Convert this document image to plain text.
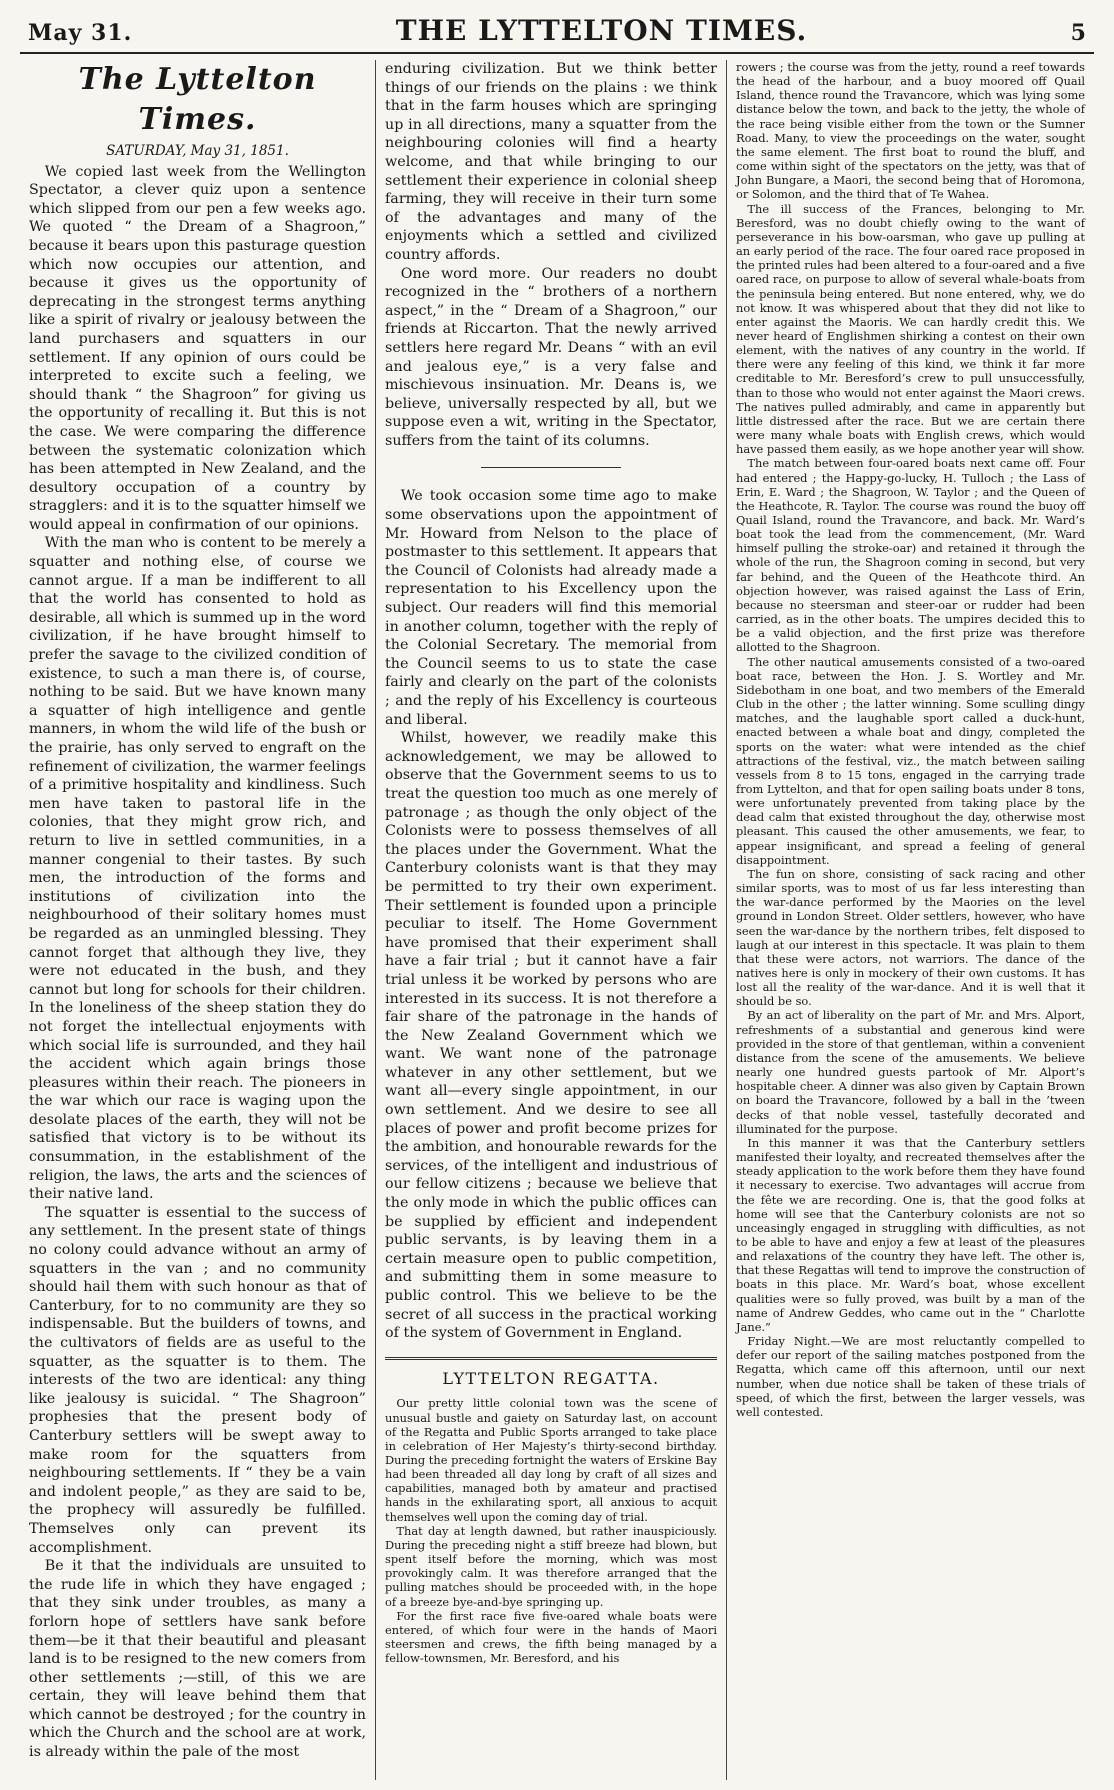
May 31.	THE LYTTELTON TIMES.	5
The Lyttelton Times.
SATURDAY, May 31, 1851.

We copied last week from the Wellington Spectator, a clever quiz upon a sentence which slipped from our pen a few weeks ago. We quoted “ the Dream of a Shagroon,” because it bears upon this pasturage question which now occupies our attention, and because it gives us the opportunity of deprecating in the strongest terms anything like a spirit of rivalry or jealousy between the land purchasers and squatters in our settlement. If any opinion of ours could be interpreted to excite such a feeling, we should thank “ the Shagroon” for giving us the opportunity of recalling it. But this is not the case. We were comparing the difference between the systematic colonization which has been attempted in New Zealand, and the desultory occupation of a country by stragglers: and it is to the squatter himself we would appeal in confirmation of our opinions.

With the man who is content to be merely a squatter and nothing else, of course we cannot argue. If a man be indifferent to all that the world has consented to hold as desirable, all which is summed up in the word civilization, if he have brought himself to prefer the savage to the civilized condition of existence, to such a man there is, of course, nothing to be said. But we have known many a squatter of high intelligence and gentle manners, in whom the wild life of the bush or the prairie, has only served to engraft on the refinement of civilization, the warmer feelings of a primitive hospitality and kindliness. Such men have taken to pastoral life in the colonies, that they might grow rich, and return to live in settled communities, in a manner congenial to their tastes. By such men, the introduction of the forms and institutions of civilization into the neighbourhood of their solitary homes must be regarded as an unmingled blessing. They cannot forget that although they live, they were not educated in the bush, and they cannot but long for schools for their children. In the loneliness of the sheep station they do not forget the intellectual enjoyments with which social life is surrounded, and they hail the accident which again brings those pleasures within their reach. The pioneers in the war which our race is waging upon the desolate places of the earth, they will not be satisfied that victory is to be without its consummation, in the establishment of the religion, the laws, the arts and the sciences of their native land.

The squatter is essential to the success of any settlement. In the present state of things no colony could advance without an army of squatters in the van ; and no community should hail them with such honour as that of Canterbury, for to no community are they so indispensable. But the builders of towns, and the cultivators of fields are as useful to the squatter, as the squatter is to them. The interests of the two are identical: any thing like jealousy is suicidal. “ The Shagroon” prophesies that the present body of Canterbury settlers will be swept away to make room for the squatters from neighbouring settlements. If “ they be a vain and indolent people,” as they are said to be, the prophecy will assuredly be fulfilled. Themselves only can prevent its accomplishment.

Be it that the individuals are unsuited to the rude life in which they have engaged ; that they sink under troubles, as many a forlorn hope of settlers have sank before them—be it that their beautiful and pleasant land is to be resigned to the new comers from other settlements ;—still, of this we are certain, they will leave behind them that which cannot be destroyed ; for the country in which the Church and the school are at work, is already within the pale of the most

enduring civilization. But we think better things of our friends on the plains : we think that in the farm houses which are springing up in all directions, many a squatter from the neighbouring colonies will find a hearty welcome, and that while bringing to our settlement their experience in colonial sheep farming, they will receive in their turn some of the advantages and many of the enjoyments which a settled and civilized country affords.

One word more. Our readers no doubt recognized in the “ brothers of a northern aspect,” in the “ Dream of a Shagroon,” our friends at Riccarton. That the newly arrived settlers here regard Mr. Deans “ with an evil and jealous eye,” is a very false and mischievous insinuation. Mr. Deans is, we believe, universally respected by all, but we suppose even a wit, writing in the Spectator, suffers from the taint of its columns.

We took occasion some time ago to make some observations upon the appointment of Mr. Howard from Nelson to the place of postmaster to this settlement. It appears that the Council of Colonists had already made a representation to his Excellency upon the subject. Our readers will find this memorial in another column, together with the reply of the Colonial Secretary. The memorial from the Council seems to us to state the case fairly and clearly on the part of the colonists ; and the reply of his Excellency is courteous and liberal.

Whilst, however, we readily make this acknowledgement, we may be allowed to observe that the Government seems to us to treat the question too much as one merely of patronage ; as though the only object of the Colonists were to possess themselves of all the places under the Government. What the Canterbury colonists want is that they may be permitted to try their own experiment. Their settlement is founded upon a principle peculiar to itself. The Home Government have promised that their experiment shall have a fair trial ; but it cannot have a fair trial unless it be worked by persons who are interested in its success. It is not therefore a fair share of the patronage in the hands of the New Zealand Government which we want. We want none of the patronage whatever in any other settlement, but we want all—every single appointment, in our own settlement. And we desire to see all places of power and profit become prizes for the ambition, and honourable rewards for the services, of the intelligent and industrious of our fellow citizens ; because we believe that the only mode in which the public offices can be supplied by efficient and independent public servants, is by leaving them in a certain measure open to public competition, and submitting them in some measure to public control. This we believe to be the secret of all success in the practical working of the system of Government in England.

LYTTELTON REGATTA.

Our pretty little colonial town was the scene of unusual bustle and gaiety on Saturday last, on account of the Regatta and Public Sports arranged to take place in celebration of Her Majesty’s thirty-second birthday. During the preceding fortnight the waters of Erskine Bay had been threaded all day long by craft of all sizes and capabilities, managed both by amateur and practised hands in the exhilarating sport, all anxious to acquit themselves well upon the coming day of trial.

That day at length dawned, but rather inauspiciously. During the preceding night a stiff breeze had blown, but spent itself before the morning, which was most provokingly calm. It was therefore arranged that the pulling matches should be proceeded with, in the hope of a breeze bye-and-bye springing up.

For the first race five five-oared whale boats were entered, of which four were in the hands of Maori steersmen and crews, the fifth being managed by a fellow-townsmen, Mr. Beresford, and his

rowers ; the course was from the jetty, round a reef towards the head of the harbour, and a buoy moored off Quail Island, thence round the Travancore, which was lying some distance below the town, and back to the jetty, the whole of the race being visible either from the town or the Sumner Road. Many, to view the proceedings on the water, sought the same element. The first boat to round the bluff, and come within sight of the spectators on the jetty, was that of John Bungare, a Maori, the second being that of Horomona, or Solomon, and the third that of Te Wahea.

The ill success of the Frances, belonging to Mr. Beresford, was no doubt chiefly owing to the want of perseverance in his bow-oarsman, who gave up pulling at an early period of the race. The four oared race proposed in the printed rules had been altered to a four-oared and a five oared race, on purpose to allow of several whale-boats from the peninsula being entered. But none entered, why, we do not know. It was whispered about that they did not like to enter against the Maoris. We can hardly credit this. We never heard of Englishmen shirking a contest on their own element, with the natives of any country in the world. If there were any feeling of this kind, we think it far more creditable to Mr. Beresford’s crew to pull unsuccessfully, than to those who would not enter against the Maori crews. The natives pulled admirably, and came in apparently but little distressed after the race. But we are certain there were many whale boats with English crews, which would have passed them easily, as we hope another year will show.

The match between four-oared boats next came off. Four had entered ; the Happy-go-lucky, H. Tulloch ; the Lass of Erin, E. Ward ; the Shagroon, W. Taylor ; and the Queen of the Heathcote, R. Taylor. The course was round the buoy off Quail Island, round the Travancore, and back. Mr. Ward’s boat took the lead from the commencement, (Mr. Ward himself pulling the stroke-oar) and retained it through the whole of the run, the Shagroon coming in second, but very far behind, and the Queen of the Heathcote third. An objection however, was raised against the Lass of Erin, because no steersman and steer-oar or rudder had been carried, as in the other boats. The umpires decided this to be a valid objection, and the first prize was therefore allotted to the Shagroon.

The other nautical amusements consisted of a two-oared boat race, between the Hon. J. S. Wortley and Mr. Sidebotham in one boat, and two members of the Emerald Club in the other ; the latter winning. Some sculling dingy matches, and the laughable sport called a duck-hunt, enacted between a whale boat and dingy, completed the sports on the water: what were intended as the chief attractions of the festival, viz., the match between sailing vessels from 8 to 15 tons, engaged in the carrying trade from Lyttelton, and that for open sailing boats under 8 tons, were unfortunately prevented from taking place by the dead calm that existed throughout the day, otherwise most pleasant. This caused the other amusements, we fear, to appear insignificant, and spread a feeling of general disappointment.

The fun on shore, consisting of sack racing and other similar sports, was to most of us far less interesting than the war-dance performed by the Maories on the level ground in London Street. Older settlers, however, who have seen the war-dance by the northern tribes, felt disposed to laugh at our interest in this spectacle. It was plain to them that these were actors, not warriors. The dance of the natives here is only in mockery of their own customs. It has lost all the reality of the war-dance. And it is well that it should be so.

By an act of liberality on the part of Mr. and Mrs. Alport, refreshments of a substantial and generous kind were provided in the store of that gentleman, within a convenient distance from the scene of the amusements. We believe nearly one hundred guests partook of Mr. Alport’s hospitable cheer. A dinner was also given by Captain Brown on board the Travancore, followed by a ball in the ’tween decks of that noble vessel, tastefully decorated and illuminated for the purpose.

In this manner it was that the Canterbury settlers manifested their loyalty, and recreated themselves after the steady application to the work before them they have found it necessary to exercise. Two advantages will accrue from the fête we are recording. One is, that the good folks at home will see that the Canterbury colonists are not so unceasingly engaged in struggling with difficulties, as not to be able to have and enjoy a few at least of the pleasures and relaxations of the country they have left. The other is, that these Regattas will tend to improve the construction of boats in this place. Mr. Ward’s boat, whose excellent qualities were so fully proved, was built by a man of the name of Andrew Geddes, who came out in the “ Charlotte Jane.”

Friday Night.—We are most reluctantly compelled to defer our report of the sailing matches postponed from the Regatta, which came off this afternoon, until our next number, when due notice shall be taken of these trials of speed, of which the first, between the larger vessels, was well contested.
